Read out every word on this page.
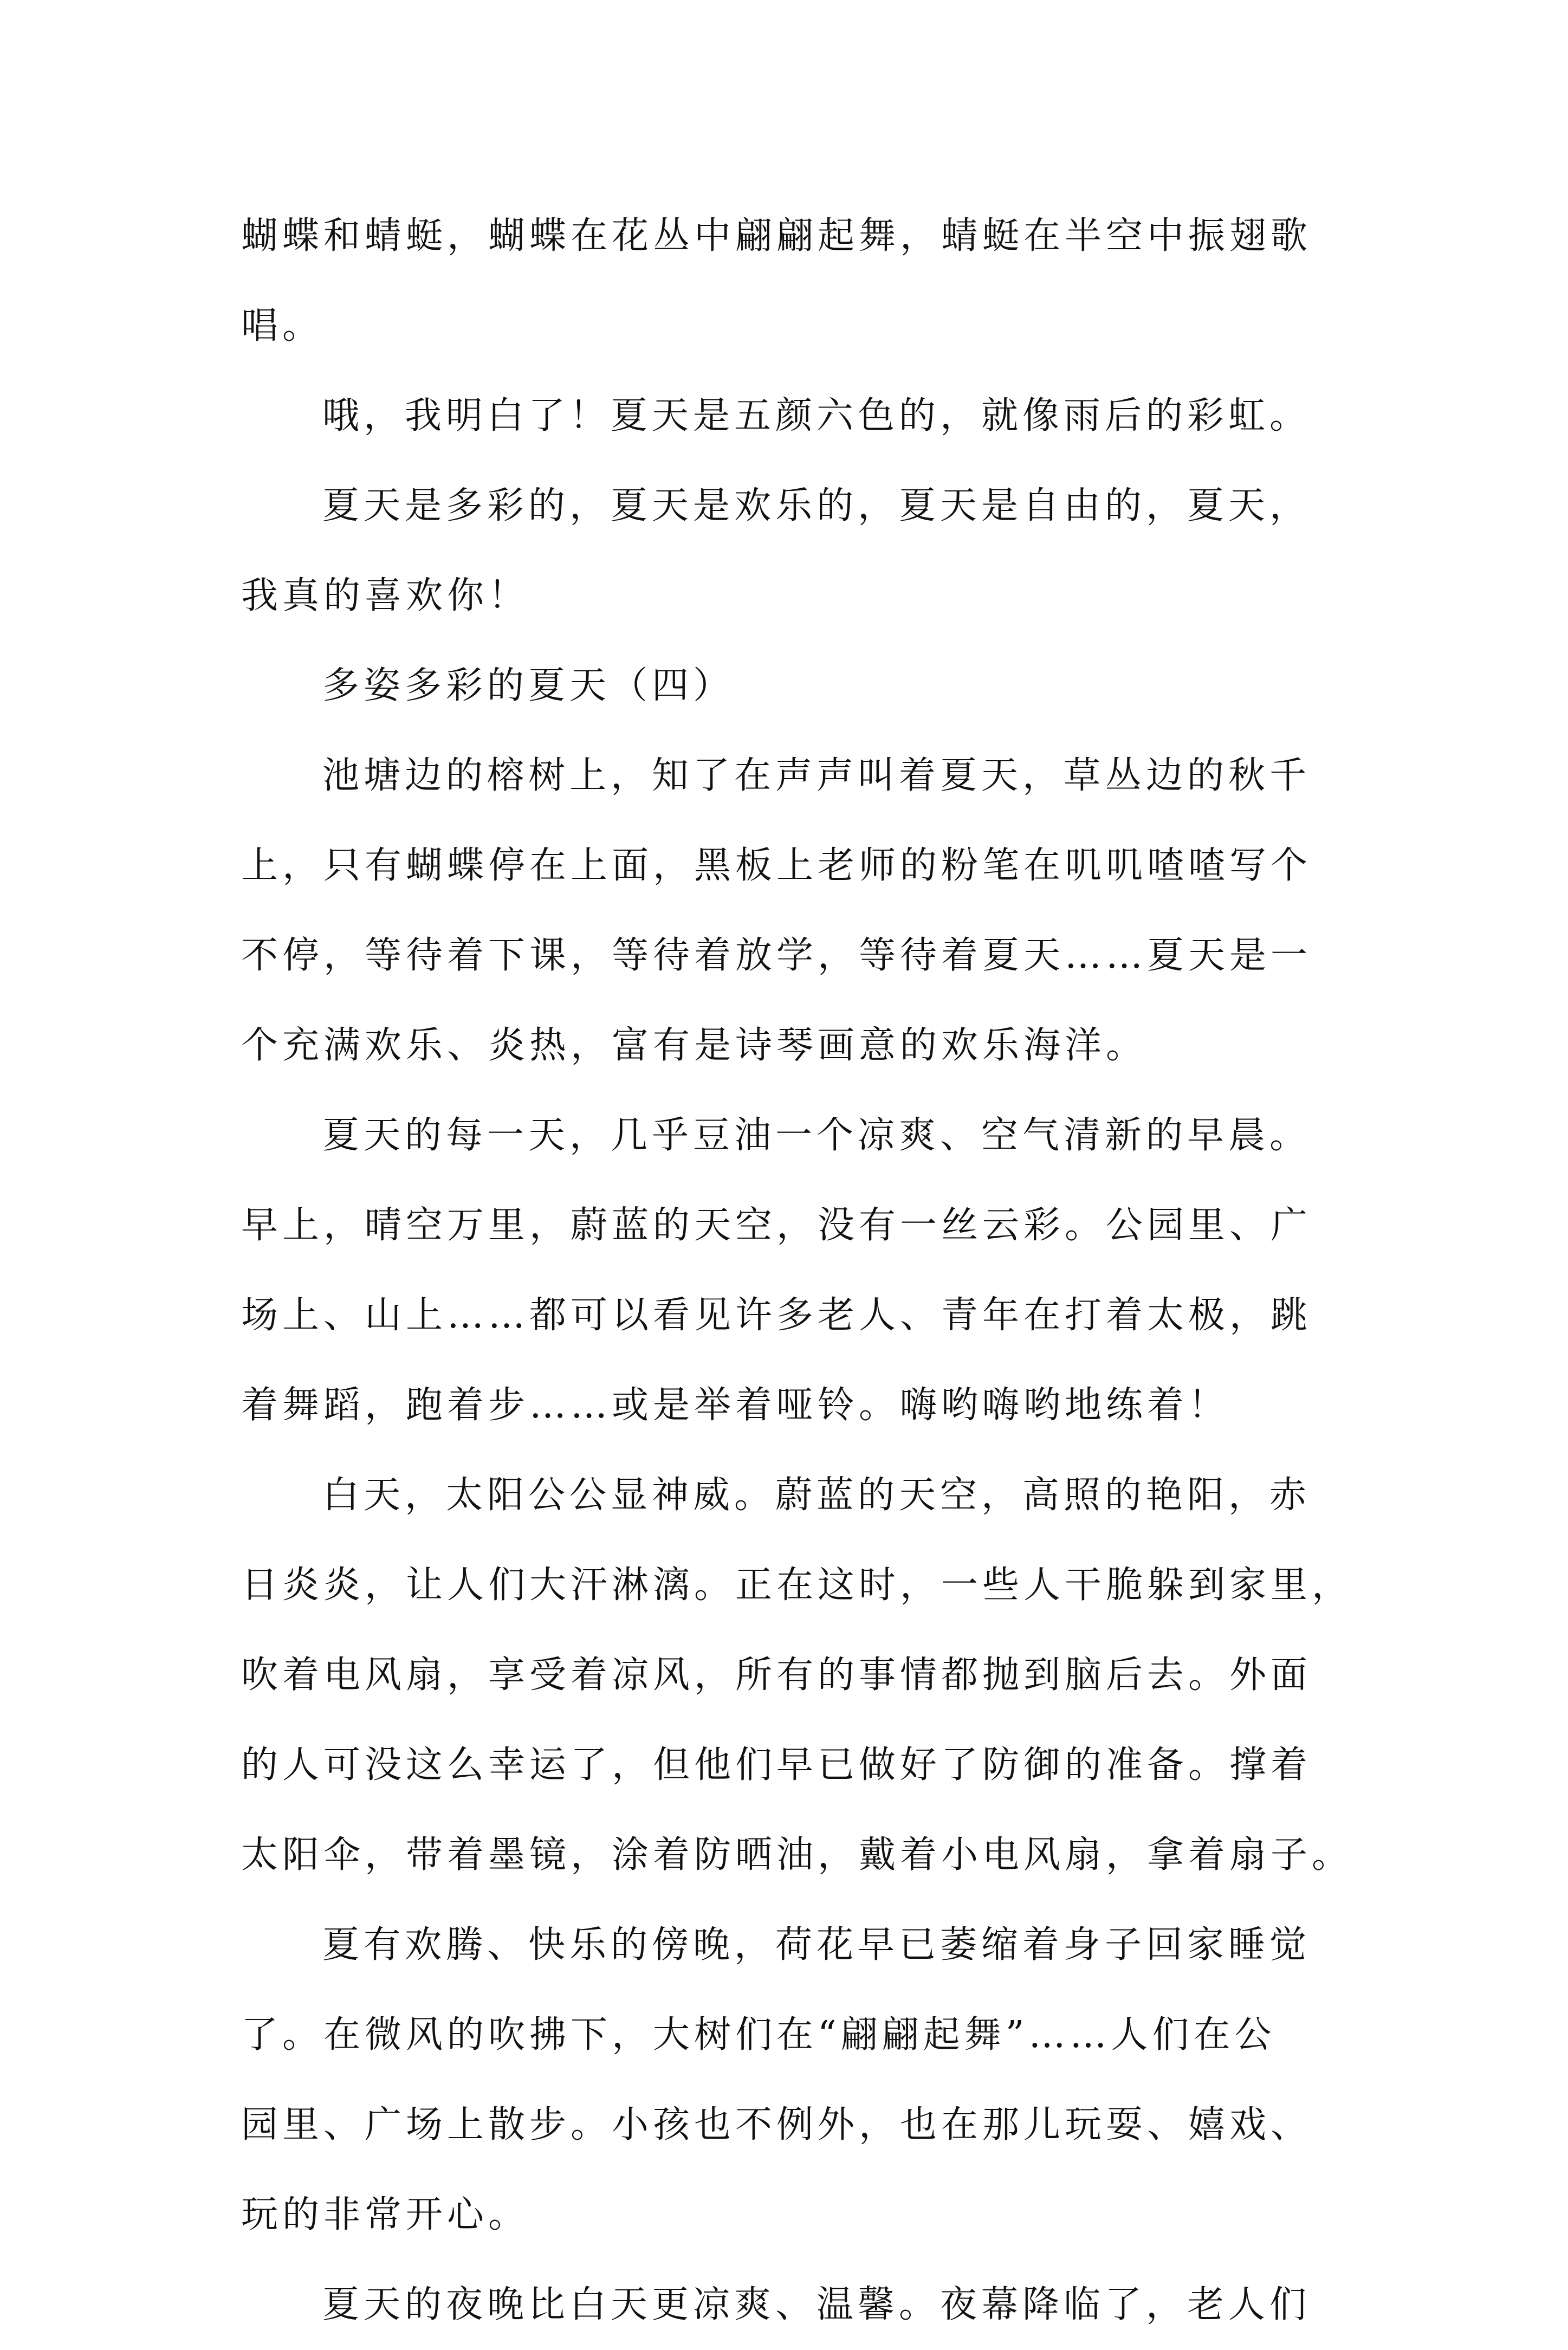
蝴蝶和蜻蜓，蝴蝶在花丛中翩翩起舞，蜻蜓在半空中振翅歌
唱。
哦，我明白了！夏天是五颜六色的，就像雨后的彩虹。
夏天是多彩的，夏天是欢乐的，夏天是自由的，夏天，
我真的喜欢你！
多姿多彩的夏天（四）
池塘边的榕树上，知了在声声叫着夏天，草丛边的秋千
上，只有蝴蝶停在上面，黑板上老师的粉笔在叽叽喳喳写个
不停，等待着下课，等待着放学，等待着夏天……夏天是一
个充满欢乐、炎热，富有是诗琴画意的欢乐海洋。
夏天的每一天，几乎豆油一个凉爽、空气清新的早晨。
早上，晴空万里，蔚蓝的天空，没有一丝云彩。公园里、广
场上、山上……都可以看见许多老人、青年在打着太极，跳
着舞蹈，跑着步……或是举着哑铃。嗨哟嗨哟地练着！
白天，太阳公公显神威。蔚蓝的天空，高照的艳阳，赤
日炎炎，让人们大汗淋漓。正在这时，一些人干脆躲到家里，
吹着电风扇，享受着凉风，所有的事情都抛到脑后去。外面
的人可没这么幸运了，但他们早已做好了防御的准备。撑着
太阳伞，带着墨镜，涂着防晒油，戴着小电风扇，拿着扇子。
夏有欢腾、快乐的傍晚，荷花早已萎缩着身子回家睡觉
了。在微风的吹拂下，大树们在“翩翩起舞”……人们在公
园里、广场上散步。小孩也不例外，也在那儿玩耍、嬉戏、
玩的非常开心。
夏天的夜晚比白天更凉爽、温馨。夜幕降临了，老人们
